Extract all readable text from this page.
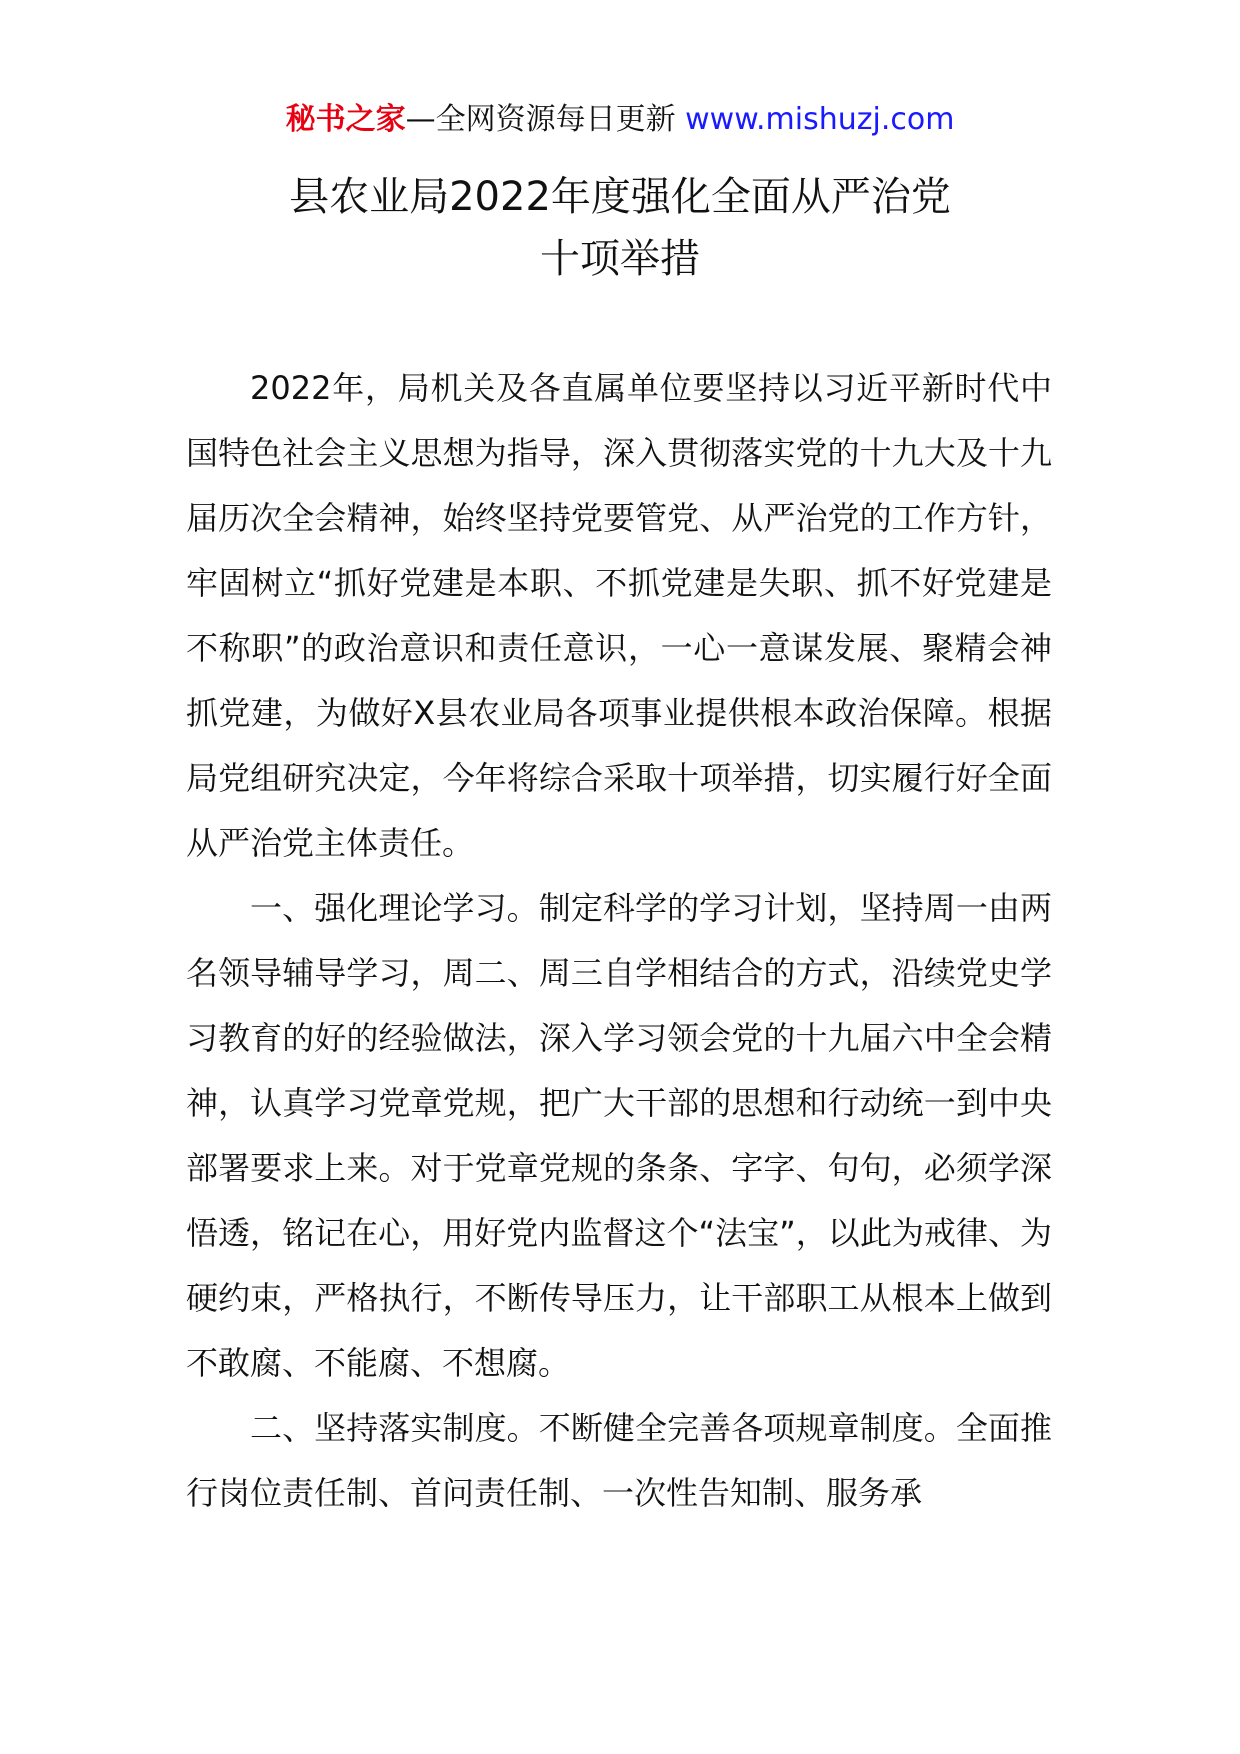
秘书之家—全网资源每日更新 www.mishuzj.com
县农业局2022年度强化全面从严治党
十项举措

2022年，局机关及各直属单位要坚持以习近平新时代中国特色社会主义思想为指导，深入贯彻落实党的十九大及十九届历次全会精神，始终坚持党要管党、从严治党的工作方针，牢固树立“抓好党建是本职、不抓党建是失职、抓不好党建是不称职”的政治意识和责任意识，一心一意谋发展、聚精会神抓党建，为做好X县农业局各项事业提供根本政治保障。根据局党组研究决定，今年将综合采取十项举措，切实履行好全面从严治党主体责任。

一、强化理论学习。制定科学的学习计划，坚持周一由两名领导辅导学习，周二、周三自学相结合的方式，沿续党史学习教育的好的经验做法，深入学习领会党的十九届六中全会精神，认真学习党章党规，把广大干部的思想和行动统一到中央部署要求上来。对于党章党规的条条、字字、句句，必须学深悟透，铭记在心，用好党内监督这个“法宝”，以此为戒律、为硬约束，严格执行，不断传导压力，让干部职工从根本上做到不敢腐、不能腐、不想腐。

二、坚持落实制度。不断健全完善各项规章制度。全面推行岗位责任制、首问责任制、一次性告知制、服务承
